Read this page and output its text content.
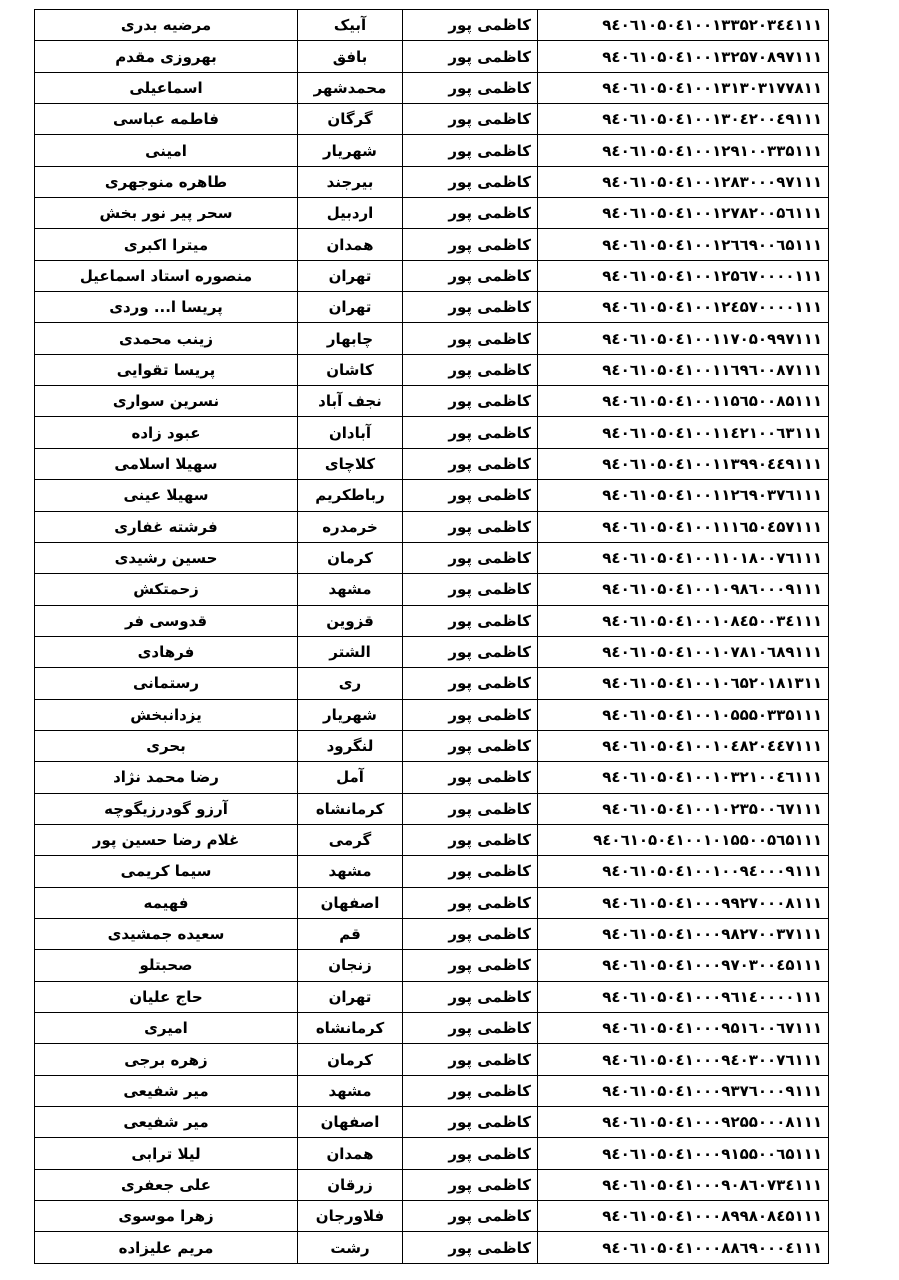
مرضیه بدری	آبیک	کاظمی پور	۹٤۰٦۱۰۵۰٤۱۰۰۱۳۳۵۲۰۳٤٤۱۱۱
بهروزی مقدم	بافق	کاظمی پور	۹٤۰٦۱۰۵۰٤۱۰۰۱۳۲۵۷۰۸۹۷۱۱۱
اسماعیلی	محمدشهر	کاظمی پور	۹٤۰٦۱۰۵۰٤۱۰۰۱۳۱۳۰۳۱۷۷۸۱۱
فاطمه عباسی	گرگان	کاظمی پور	۹٤۰٦۱۰۵۰٤۱۰۰۱۳۰٤۲۰۰٤۹۱۱۱
امینی	شهریار	کاظمی پور	۹٤۰٦۱۰۵۰٤۱۰۰۱۲۹۱۰۰۳۳۵۱۱۱
طاهره منوجهری	بیرجند	کاظمی پور	۹٤۰٦۱۰۵۰٤۱۰۰۱۲۸۳۰۰۰۹۷۱۱۱
سحر پیر نور بخش	اردبیل	کاظمی پور	۹٤۰٦۱۰۵۰٤۱۰۰۱۲۷۸۲۰۰۵٦۱۱۱
میترا اکبری	همدان	کاظمی پور	۹٤۰٦۱۰۵۰٤۱۰۰۱۲٦٦۹۰۰٦۵۱۱۱
منصوره استاد اسماعیل	تهران	کاظمی پور	۹٤۰٦۱۰۵۰٤۱۰۰۱۲۵٦۷۰۰۰۰۱۱۱
پریسا ا... وردی	تهران	کاظمی پور	۹٤۰٦۱۰۵۰٤۱۰۰۱۲٤۵۷۰۰۰۰۱۱۱
زینب محمدی	چابهار	کاظمی پور	۹٤۰٦۱۰۵۰٤۱۰۰۱۱۷۰۵۰۹۹۷۱۱۱
پریسا تقوایی	کاشان	کاظمی پور	۹٤۰٦۱۰۵۰٤۱۰۰۱۱٦۹٦۰۰۸۷۱۱۱
نسرین سواری	نجف آباد	کاظمی پور	۹٤۰٦۱۰۵۰٤۱۰۰۱۱۵٦۵۰۰۸۵۱۱۱
عبود زاده	آبادان	کاظمی پور	۹٤۰٦۱۰۵۰٤۱۰۰۱۱٤۲۱۰۰٦۳۱۱۱
سهیلا اسلامی	کلاچای	کاظمی پور	۹٤۰٦۱۰۵۰٤۱۰۰۱۱۳۹۹۰٤٤۹۱۱۱
سهیلا عینی	رباطکریم	کاظمی پور	۹٤۰٦۱۰۵۰٤۱۰۰۱۱۲٦۹۰۳۷٦۱۱۱
فرشته غفاری	خرمدره	کاظمی پور	۹٤۰٦۱۰۵۰٤۱۰۰۱۱۱٦۵۰٤۵۷۱۱۱
حسین رشیدی	کرمان	کاظمی پور	۹٤۰٦۱۰۵۰٤۱۰۰۱۱۰۱۸۰۰۷٦۱۱۱
زحمتکش	مشهد	کاظمی پور	۹٤۰٦۱۰۵۰٤۱۰۰۱۰۹۸٦۰۰۰۹۱۱۱
قدوسی فر	قزوین	کاظمی پور	۹٤۰٦۱۰۵۰٤۱۰۰۱۰۸٤۵۰۰۳٤۱۱۱
فرهادی	الشتر	کاظمی پور	۹٤۰٦۱۰۵۰٤۱۰۰۱۰۷۸۱۰٦۸۹۱۱۱
رستمانی	ری	کاظمی پور	۹٤۰٦۱۰۵۰٤۱۰۰۱۰٦۵۲۰۱۸۱۳۱۱
یزدانبخش	شهریار	کاظمی پور	۹٤۰٦۱۰۵۰٤۱۰۰۱۰۵۵۵۰۳۳۵۱۱۱
بحری	لنگرود	کاظمی پور	۹٤۰٦۱۰۵۰٤۱۰۰۱۰٤۸۲۰٤٤۷۱۱۱
رضا محمد نژاد	آمل	کاظمی پور	۹٤۰٦۱۰۵۰٤۱۰۰۱۰۳۲۱۰۰٤٦۱۱۱
آرزو گودرزیگوچه	کرمانشاه	کاظمی پور	۹٤۰٦۱۰۵۰٤۱۰۰۱۰۲۳۵۰۰٦۷۱۱۱
غلام رضا حسین پور	گرمی	کاظمی پور	۹٤۰٦۱۰۵۰٤۱۰۰۱۰۱۵۵۰۰۵٦۵۱۱۱
سیما کریمی	مشهد	کاظمی پور	۹٤۰٦۱۰۵۰٤۱۰۰۱۰۰۹٤۰۰۰۹۱۱۱
فهیمه	اصفهان	کاظمی پور	۹٤۰٦۱۰۵۰٤۱۰۰۰۹۹۲۷۰۰۰۸۱۱۱
سعیده جمشیدی	قم	کاظمی پور	۹٤۰٦۱۰۵۰٤۱۰۰۰۹۸۲۷۰۰۳۷۱۱۱
صحبتلو	زنجان	کاظمی پور	۹٤۰٦۱۰۵۰٤۱۰۰۰۹۷۰۳۰۰٤۵۱۱۱
حاج علیان	تهران	کاظمی پور	۹٤۰٦۱۰۵۰٤۱۰۰۰۹٦۱٤۰۰۰۰۱۱۱
امیری	کرمانشاه	کاظمی پور	۹٤۰٦۱۰۵۰٤۱۰۰۰۹۵۱٦۰۰٦۷۱۱۱
زهره برجی	کرمان	کاظمی پور	۹٤۰٦۱۰۵۰٤۱۰۰۰۹٤۰۳۰۰۷٦۱۱۱
میر شفیعی	مشهد	کاظمی پور	۹٤۰٦۱۰۵۰٤۱۰۰۰۹۳۷٦۰۰۰۹۱۱۱
میر شفیعی	اصفهان	کاظمی پور	۹٤۰٦۱۰۵۰٤۱۰۰۰۹۲۵۵۰۰۰۸۱۱۱
لیلا ترابی	همدان	کاظمی پور	۹٤۰٦۱۰۵۰٤۱۰۰۰۹۱۵۵۰۰٦۵۱۱۱
علی جعفری	زرقان	کاظمی پور	۹٤۰٦۱۰۵۰٤۱۰۰۰۹۰۸٦۰۷۳٤۱۱۱
زهرا موسوی	فلاورجان	کاظمی پور	۹٤۰٦۱۰۵۰٤۱۰۰۰۸۹۹۸۰۸٤۵۱۱۱
مریم علیزاده	رشت	کاظمی پور	۹٤۰٦۱۰۵۰٤۱۰۰۰۸۸٦۹۰۰۰٤۱۱۱
